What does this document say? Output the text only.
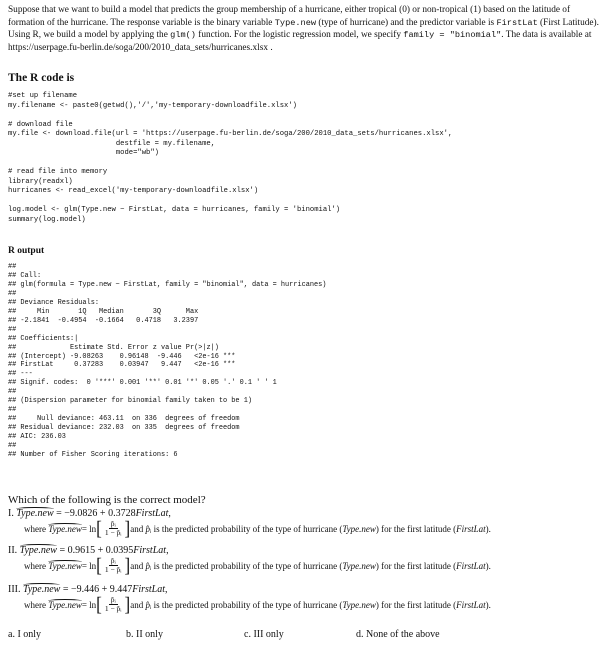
Suppose that we want to build a model that predicts the group membership of a hurricane, either tropical (0) or non-tropical (1) based on the latitude of formation of the hurricane. The response variable is the binary variable Type.new (type of hurricane) and the predictor variable is FirstLat (First Latitude). Using R, we build a model by applying the glm() function. For the logistic regression model, we specify family = "binomial". The data is available at https://userpage.fu-berlin.de/soga/200/2010_data_sets/hurricanes.xlsx .
The R code is
#set up filename
my.filename <- paste0(getwd(),'/','my-temporary-downloadfile.xlsx')

# download file
my.file <- download.file(url = 'https://userpage.fu-berlin.de/soga/200/2010_data_sets/hurricanes.xlsx',
destfile = my.filename,
mode="wb")

# read file into memory
library(readxl)
hurricanes <- read_excel('my-temporary-downloadfile.xlsx')

log.model <- glm(Type.new ~ FirstLat, data = hurricanes, family = 'binomial')
summary(log.model)
R output
##
## Call:
## glm(formula = Type.new ~ FirstLat, family = "binomial", data = hurricanes)
##
## Deviance Residuals:
##     Min       1Q   Median       3Q      Max
## -2.1841  -0.4954  -0.1664   0.4718   3.2397
##
## Coefficients:|
##             Estimate Std. Error z value Pr(>|z|)
## (Intercept) -9.08263    0.96148  -9.446   <2e-16 ***
## FirstLat     0.37283    0.03947   9.447   <2e-16 ***
## ---
## Signif. codes:  0 '***' 0.001 '**' 0.01 '*' 0.05 '.' 0.1 ' ' 1
##
## (Dispersion parameter for binomial family taken to be 1)
##
##     Null deviance: 463.11  on 336  degrees of freedom
## Residual deviance: 232.03  on 335  degrees of freedom
## AIC: 236.03
##
## Number of Fisher Scoring iterations: 6
Which of the following is the correct model?
I. Type.new = −9.0826 + 0.3728FirstLat,
where
Type.new = ln [ $\frac{\text{p̂ᵢ}}{\text{1 − p̂ᵢ}}$ ] and
p̂ᵢ
is the predicted probability of the type of hurricane ( Type.new ) for the first latitude ( FirstLat ).
II. Type.new = 0.9615 + 0.0395FirstLat,
where
Type.new = ln [ $\frac{\text{p̂ᵢ}}{\text{1 − p̂ᵢ}}$ ] and
p̂ᵢ
is the predicted probability of the type of hurricane ( Type.new ) for the first latitude ( FirstLat ).
III. Type.new = −9.446 + 9.447FirstLat,
where
Type.new = ln [ $\frac{\text{p̂ᵢ}}{\text{1 − p̂ᵢ}}$ ] and
p̂ᵢ
is the predicted probability of the type of hurricane ( Type.new ) for the first latitude ( FirstLat ).
a. I only	b. II only	c. III only	d. None of the above
